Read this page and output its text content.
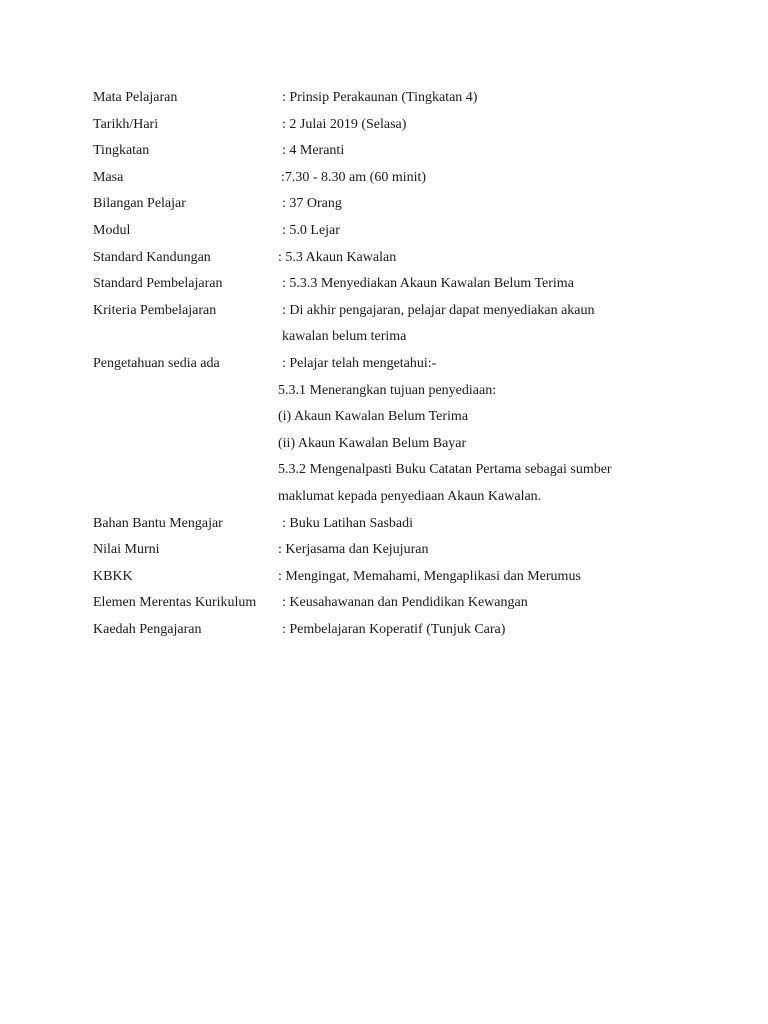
Mata Pelajaran	: Prinsip Perakaunan (Tingkatan 4)
Tarikh/Hari	: 2 Julai 2019 (Selasa)
Tingkatan	: 4 Meranti
Masa	:7.30 - 8.30 am (60 minit)
Bilangan Pelajar	: 37 Orang
Modul	: 5.0 Lejar
Standard Kandungan	: 5.3 Akaun Kawalan
Standard Pembelajaran	: 5.3.3 Menyediakan Akaun Kawalan Belum Terima
Kriteria Pembelajaran	: Di akhir pengajaran, pelajar dapat menyediakan akaun
kawalan belum terima
Pengetahuan sedia ada	: Pelajar telah mengetahui:-
5.3.1 Menerangkan tujuan penyediaan:
(i) Akaun Kawalan Belum Terima
(ii) Akaun Kawalan Belum Bayar
5.3.2 Mengenalpasti Buku Catatan Pertama sebagai sumber
maklumat kepada penyediaan Akaun Kawalan.
Bahan Bantu Mengajar	: Buku Latihan Sasbadi
Nilai Murni	: Kerjasama dan Kejujuran
KBKK	: Mengingat, Memahami, Mengaplikasi dan Merumus
Elemen Merentas Kurikulum : Keusahawanan dan Pendidikan Kewangan
Kaedah Pengajaran	: Pembelajaran Koperatif (Tunjuk Cara)
